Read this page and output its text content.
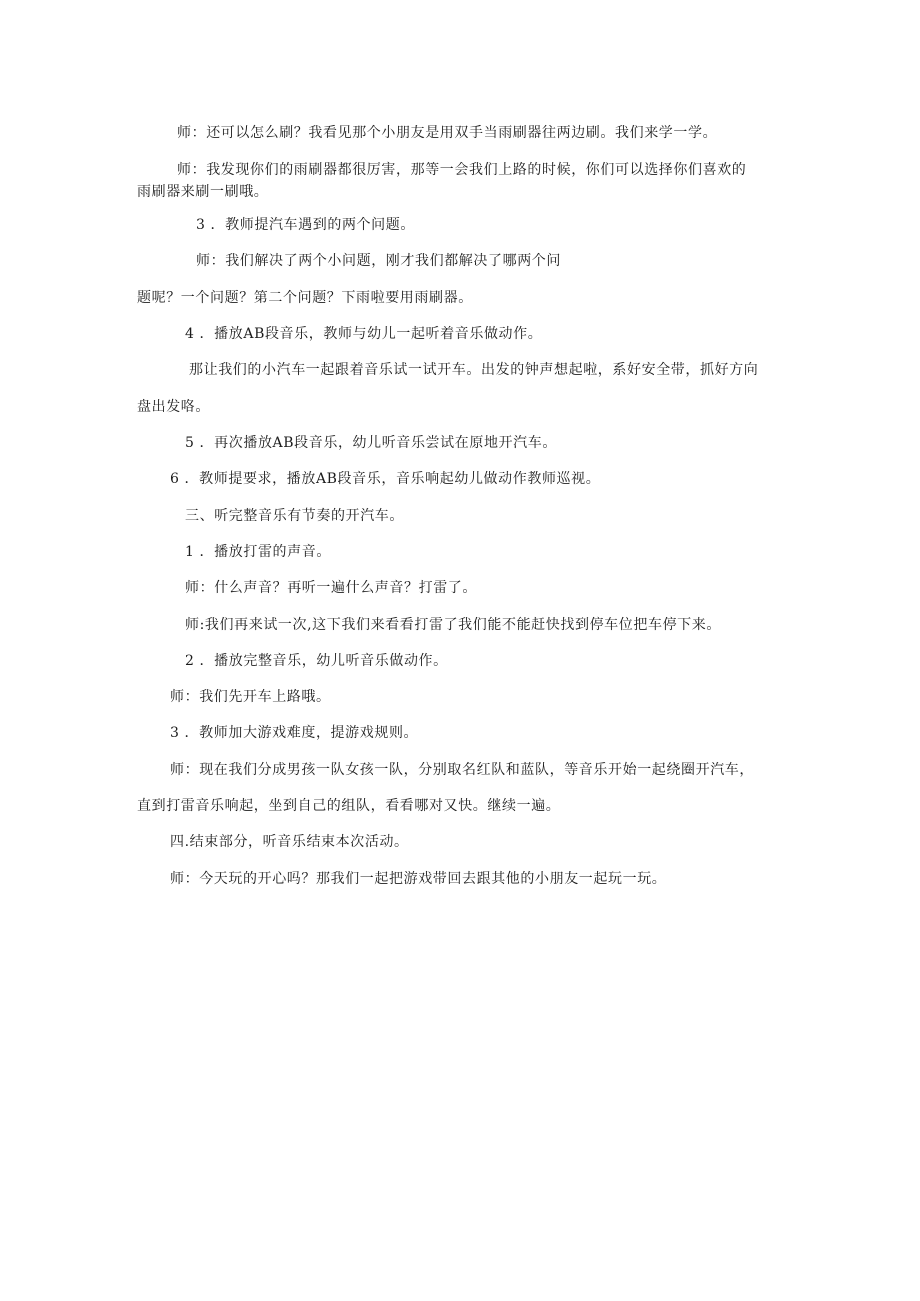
师：还可以怎么刷？我看见那个小朋友是用双手当雨刷器往两边刷。我们来学一学。
师：我发现你们的雨刷器都很厉害，那等一会我们上路的时候，你们可以选择你们喜欢的
雨刷器来刷一刷哦。
3 ．教师提汽车遇到的两个问题。
师：我们解决了两个小问题，刚才我们都解决了哪两个问
题呢？一个问题？第二个问题？下雨啦要用雨刷器。
4 ．播放AB段音乐，教师与幼儿一起听着音乐做动作。
那让我们的小汽车一起跟着音乐试一试开车。出发的钟声想起啦，系好安全带，抓好方向
盘出发咯。
5 ．再次播放AB段音乐，幼儿听音乐尝试在原地开汽车。
6 ．教师提要求，播放AB段音乐，音乐响起幼儿做动作教师巡视。
三、听完整音乐有节奏的开汽车。
1 ．播放打雷的声音。
师：什么声音？再听一遍什么声音？打雷了。
师:我们再来试一次,这下我们来看看打雷了我们能不能赶快找到停车位把车停下来。
2 ．播放完整音乐，幼儿听音乐做动作。
师：我们先开车上路哦。
3 ．教师加大游戏难度，提游戏规则。
师：现在我们分成男孩一队女孩一队，分别取名红队和蓝队，等音乐开始一起绕圈开汽车，
直到打雷音乐响起，坐到自己的组队，看看哪对又快。继续一遍。
四.结束部分，听音乐结束本次活动。
师：今天玩的开心吗？那我们一起把游戏带回去跟其他的小朋友一起玩一玩。
